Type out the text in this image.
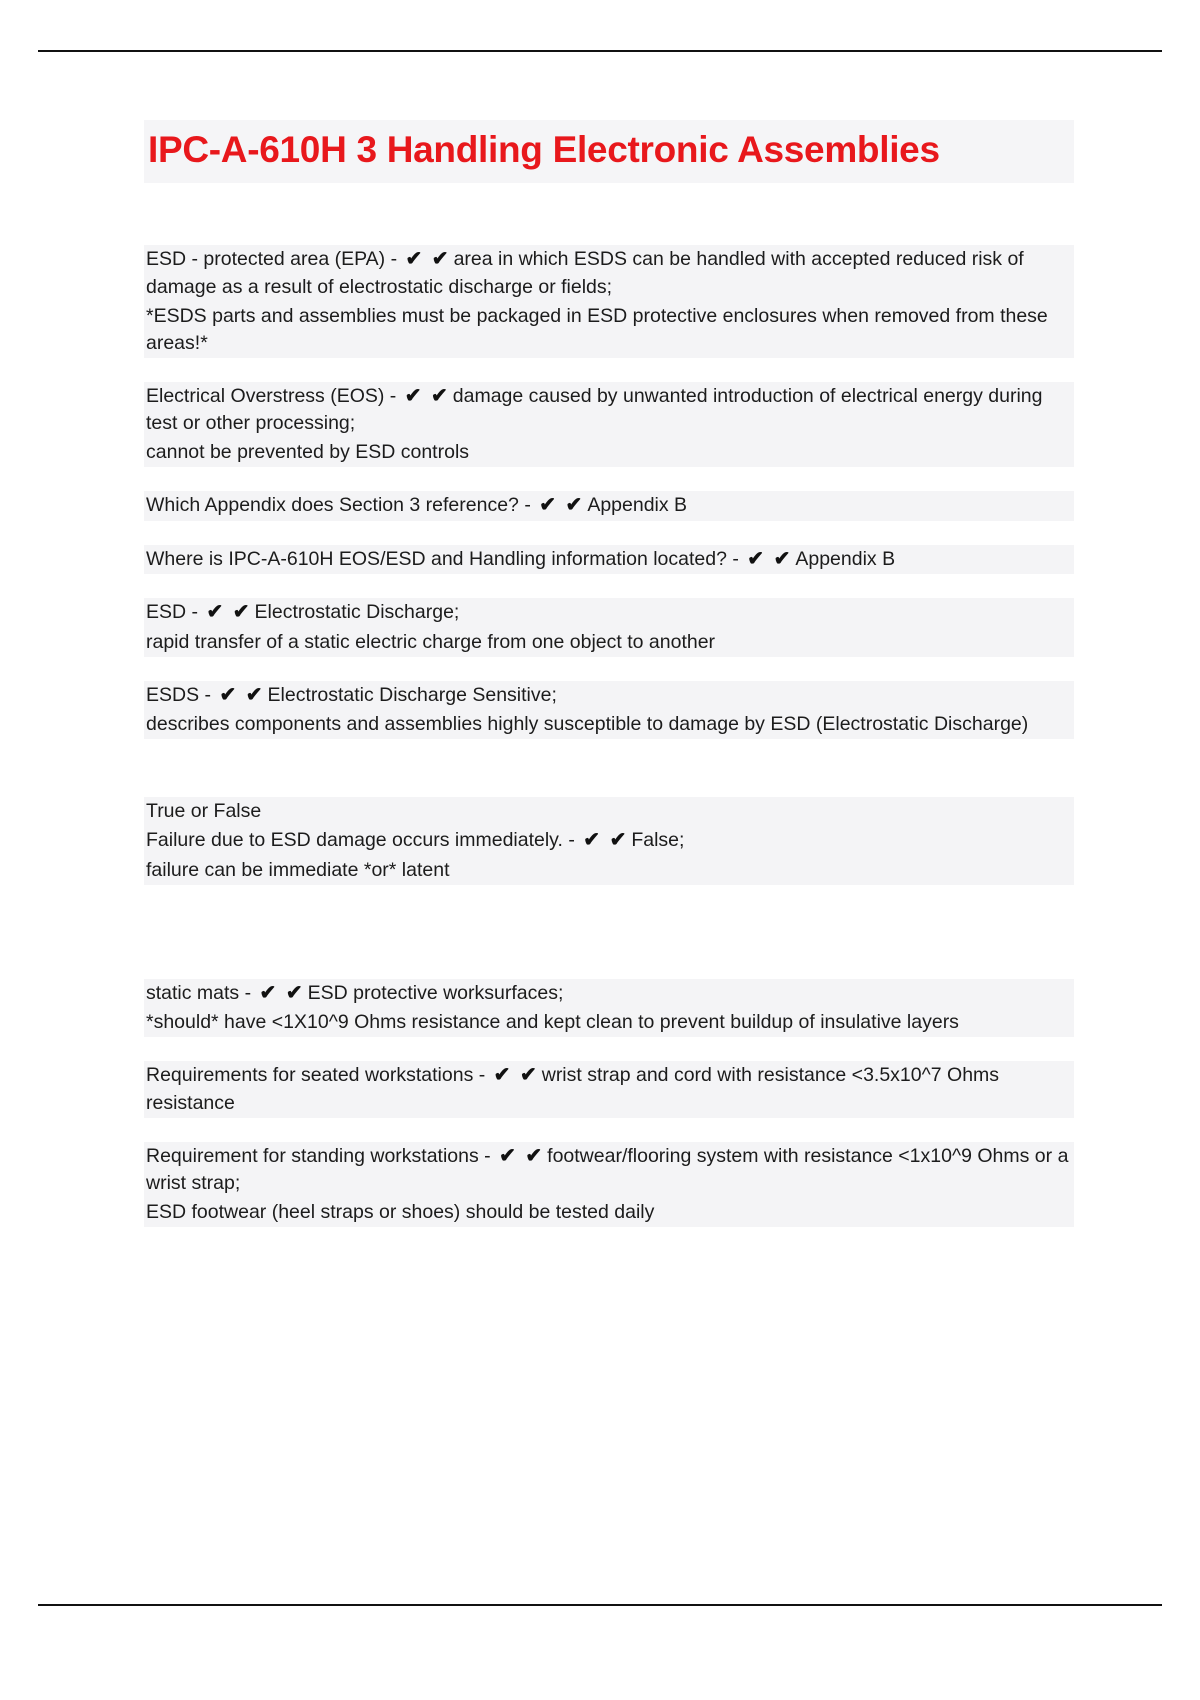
IPC-A-610H 3 Handling Electronic Assemblies
ESD - protected area (EPA) - ✔ ✔ area in which ESDS can be handled with accepted reduced risk of damage as a result of electrostatic discharge or fields;
*ESDS parts and assemblies must be packaged in ESD protective enclosures when removed from these areas!*
Electrical Overstress (EOS) - ✔ ✔ damage caused by unwanted introduction of electrical energy during test or other processing;
cannot be prevented by ESD controls
Which Appendix does Section 3 reference? - ✔ ✔ Appendix B
Where is IPC-A-610H EOS/ESD and Handling information located? - ✔ ✔ Appendix B
ESD - ✔ ✔ Electrostatic Discharge;
rapid transfer of a static electric charge from one object to another
ESDS - ✔ ✔ Electrostatic Discharge Sensitive;
describes components and assemblies highly susceptible to damage by ESD (Electrostatic Discharge)
True or False
Failure due to ESD damage occurs immediately. - ✔ ✔ False;
failure can be immediate *or* latent
static mats - ✔ ✔ ESD protective worksurfaces;
*should* have <1X10^9 Ohms resistance and kept clean to prevent buildup of insulative layers
Requirements for seated workstations - ✔ ✔ wrist strap and cord with resistance <3.5x10^7 Ohms resistance
Requirement for standing workstations - ✔ ✔ footwear/flooring system with resistance <1x10^9 Ohms or a wrist strap;
ESD footwear (heel straps or shoes) should be tested daily
